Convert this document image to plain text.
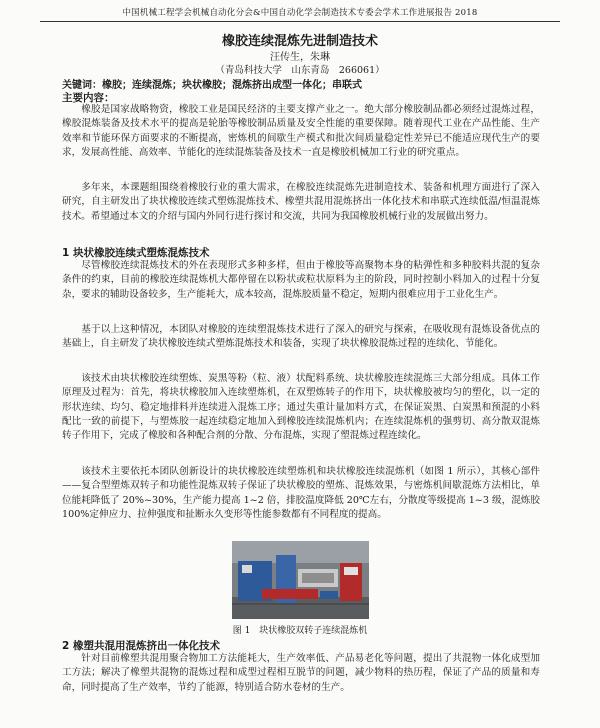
中国机械工程学会机械自动化分会&中国自动化学会制造技术专委会学术工作进展报告 2018
橡胶连续混炼先进制造技术
汪传生，朱琳
（青岛科技大学　山东青岛　266061）
关键词：橡胶；连续混炼；块状橡胶；混炼挤出成型一体化；串联式
主要内容：

橡胶是国家战略物资，橡胶工业是国民经济的主要支撑产业之一。绝大部分橡胶制品都必须经过混炼过程，橡胶混炼装备及技术水平的提高是轮胎等橡胶制品质量及安全性能的重要保障。随着现代工业在产品性能、生产效率和节能环保方面要求的不断提高，密炼机的间歇生产模式和批次间质量稳定性差异已不能适应现代生产的要求，发展高性能、高效率、节能化的连续混炼装备及技术一直是橡胶机械加工行业的研究重点。

多年来，本课题组围绕着橡胶行业的重大需求，在橡胶连续混炼先进制造技术、装备和机理方面进行了深入研究，自主研发出了块状橡胶连续式塑炼混炼技术、橡塑共混用混炼挤出一体化技术和串联式连续低温/恒温混炼技术。希望通过本文的介绍与国内外同行进行探讨和交流，共同为我国橡胶机械行业的发展做出努力。

1 块状橡胶连续式塑炼混炼技术

尽管橡胶连续混炼技术的外在表现形式多种多样，但由于橡胶等高聚物本身的粘弹性和多种胶料共混的复杂条件的约束，目前的橡胶连续混炼机大都停留在以粉状或粒状原料为主的阶段，同时控制小料加入的过程十分复杂，要求的辅助设备较多，生产能耗大，成本较高，混炼胶质量不稳定，短期内很难应用于工业化生产。

基于以上这种情况，本团队对橡胶的连续塑混炼技术进行了深入的研究与探索，在吸收现有混炼设备优点的基础上，自主研发了块状橡胶连续式塑炼混炼技术和装备，实现了块状橡胶混炼过程的连续化、节能化。

该技术由块状橡胶连续塑炼、炭黑等粉（粒、液）状配料系统、块状橡胶连续混炼三大部分组成。具体工作原理及过程为：首先，将块状橡胶加入连续塑炼机，在双塑炼转子的作用下，块状橡胶被均匀的塑化，以一定的形状连续、均匀、稳定地排料并连续进入混炼工序；通过失重计量加料方式，在保证炭黑、白炭黑和预混的小料配比一致的前提下，与塑炼胶一起连续稳定地加入到橡胶连续混炼机内；在连续混炼机的强剪切、高分散双混炼转子作用下，完成了橡胶和各种配合剂的分散、分布混炼，实现了塑混炼过程连续化。

该技术主要依托本团队创新设计的块状橡胶连续塑炼机和块状橡胶连续混炼机（如图 1 所示），其核心部件——复合型塑炼双转子和功能性混炼双转子保证了块状橡胶的塑炼、混炼效果，与密炼机间歇混炼方法相比，单位能耗降低了 20%~30%，生产能力提高 1~2 倍，排胶温度降低 20℃左右，分散度等级提高 1~3 级，混炼胶 100%定伸应力、拉伸强度和扯断永久变形等性能参数都有不同程度的提高。

图 1　块状橡胶双转子连续混炼机
2 橡塑共混用混炼挤出一体化技术

针对目前橡塑共混用聚合物加工方法能耗大，生产效率低、产品易老化等问题，提出了共混物一体化成型加工方法；解决了橡塑共混物的混炼过程和成型过程相互脱节的问题，减少物料的热历程，保证了产品的质量和寿命，同时提高了生产效率，节约了能源，特别适合防水卷材的生产。
